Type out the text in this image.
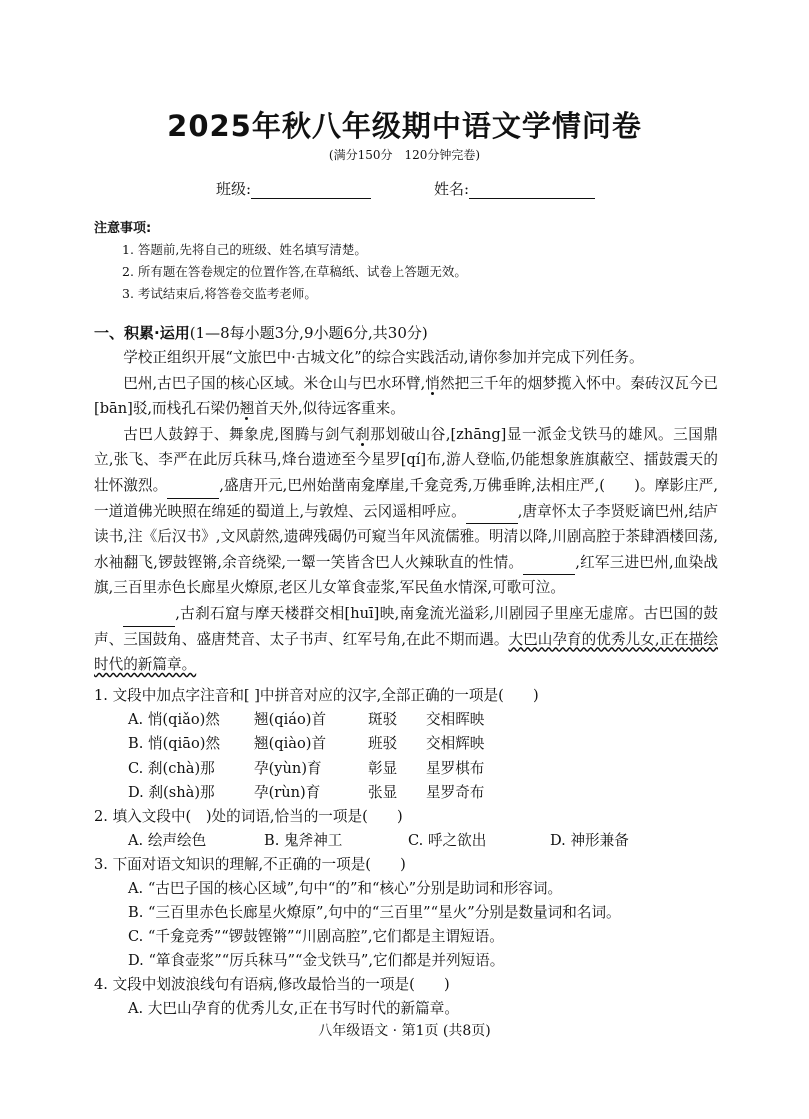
2025年秋八年级期中语文学情问卷
(满分150分　120分钟完卷)
班级:	姓名:
注意事项:
1. 答题前,先将自己的班级、姓名填写清楚。
2. 所有题在答卷规定的位置作答,在草稿纸、试卷上答题无效。
3. 考试结束后,将答卷交监考老师。
一、积累·运用(1—8每小题3分,9小题6分,共30分)

学校正组织开展“文旅巴中·古城文化”的综合实践活动,请你参加并完成下列任务。

巴州,古巴子国的核心区域。米仓山与巴水环臂,悄然把三千年的烟梦揽入怀中。秦砖汉瓦今已[bān]驳,而栈孔石梁仍翘首天外,似待远客重来。

古巴人鼓錞于、舞象虎,图腾与剑气刹那划破山谷,[zhāng]显一派金戈铁马的雄风。三国鼎立,张飞、李严在此厉兵秣马,烽台遗迹至今星罗[qí]布,游人登临,仍能想象旌旗蔽空、擂鼓震天的壮怀激烈。	,盛唐开元,巴州始凿南龛摩崖,千龛竞秀,万佛垂眸,法相庄严,(　　)。摩影庄严,一道道佛光映照在绵延的蜀道上,与敦煌、云冈遥相呼应。	,唐章怀太子李贤贬谪巴州,结庐读书,注《后汉书》,文风蔚然,遗碑残碣仍可窥当年风流儒雅。明清以降,川剧高腔于茶肆酒楼回荡,水袖翻飞,锣鼓铿锵,余音绕梁,一颦一笑皆含巴人火辣耿直的性情。	,红军三进巴州,血染战旗,三百里赤色长廊星火燎原,老区儿女箪食壶浆,军民鱼水情深,可歌可泣。

,古刹石窟与摩天楼群交相[huī]映,南龛流光溢彩,川剧园子里座无虚席。古巴国的鼓声、三国鼓角、盛唐梵音、太子书声、红军号角,在此不期而遇。大巴山孕育的优秀儿女,正在描绘时代的新篇章。

1. 文段中加点字注音和[ ]中拼音对应的汉字,全部正确的一项是(　　)
A. 悄(qiǎo)然 翘(qiáo)首	斑驳 交相晖映
B. 悄(qiāo)然 翘(qiào)首	班驳 交相辉映
C. 刹(chà)那	孕(yùn)育	彰显 星罗棋布
D. 刹(shà)那	孕(rùn)育	张显 星罗奇布
2. 填入文段中(　)处的词语,恰当的一项是(　　)
A. 绘声绘色	B. 鬼斧神工	C. 呼之欲出	D. 神形兼备
3. 下面对语文知识的理解,不正确的一项是(　　)
A. “古巴子国的核心区域”,句中“的”和“核心”分别是助词和形容词。
B. “三百里赤色长廊星火燎原”,句中的“三百里”“星火”分别是数量词和名词。
C. “千龛竞秀”“锣鼓铿锵”“川剧高腔”,它们都是主谓短语。
D. “箪食壶浆”“厉兵秣马”“金戈铁马”,它们都是并列短语。
4. 文段中划波浪线句有语病,修改最恰当的一项是(　　)
A. 大巴山孕育的优秀儿女,正在书写时代的新篇章。
八年级语文 · 第1页 (共8页)
